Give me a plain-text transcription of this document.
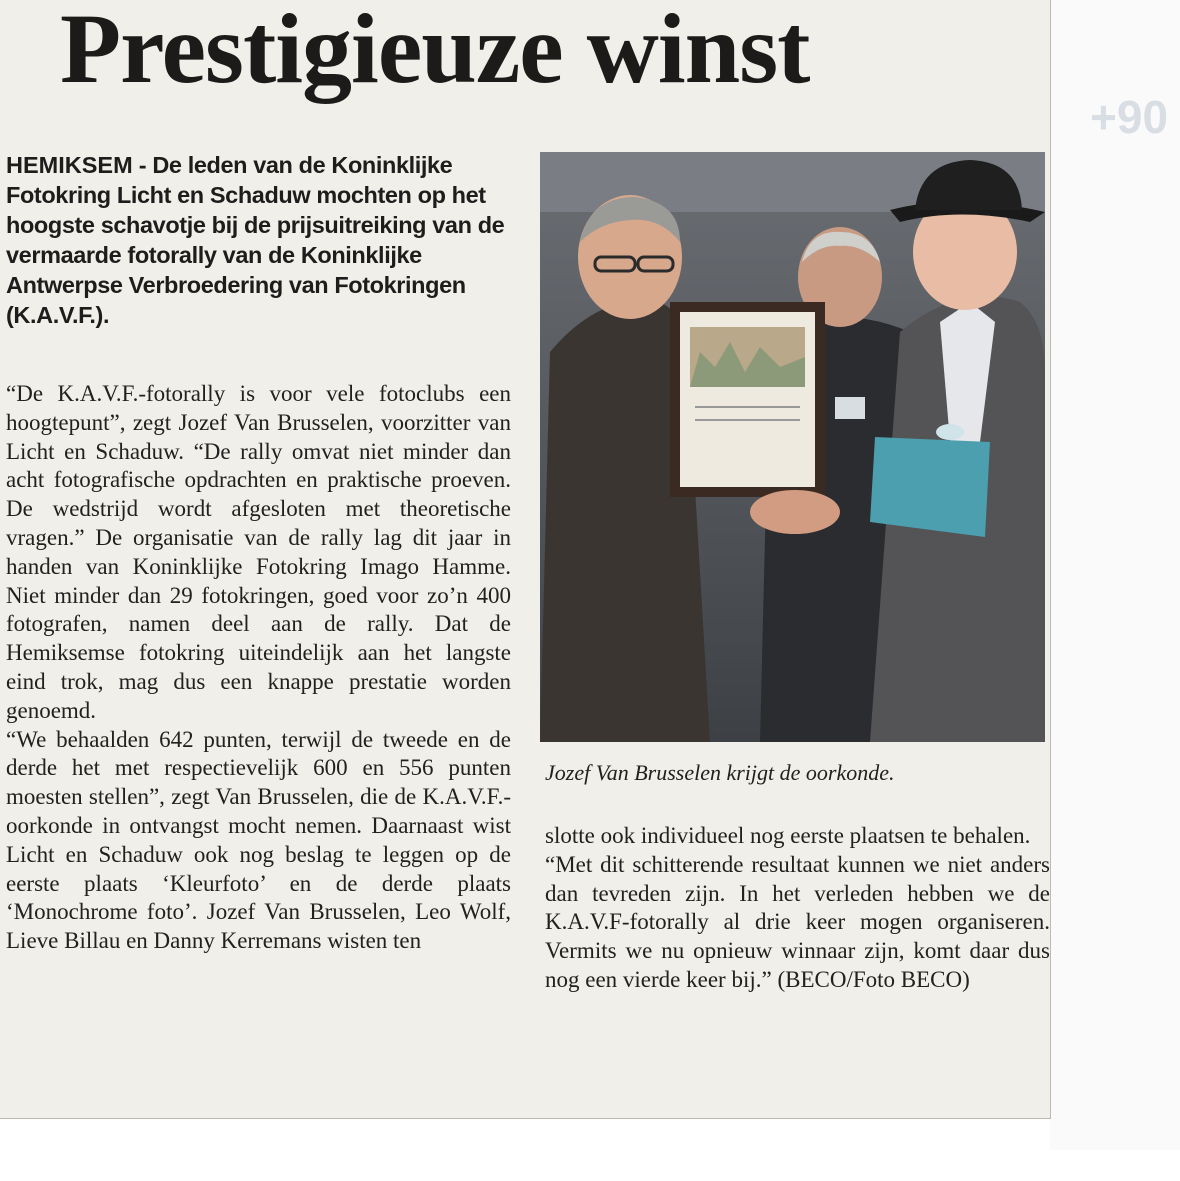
+90
Prestigieuze winst
HEMIKSEM - De leden van de Koninklijke Fotokring Licht en Schaduw mochten op het hoogste schavotje bij de prijsuitreiking van de vermaarde fotorally van de Koninklijke Antwerpse Verbroedering van Fotokringen (K.A.V.F.).

“De K.A.V.F.-fotorally is voor vele fotoclubs een hoogtepunt”, zegt Jozef Van Brusselen, voorzitter van Licht en Schaduw. “De rally omvat niet minder dan acht fotografische opdrachten en praktische proeven. De wedstrijd wordt afgesloten met theoretische vragen.” De organisatie van de rally lag dit jaar in handen van Koninklijke Fotokring Imago Hamme. Niet minder dan 29 fotokringen, goed voor zo’n 400 fotografen, namen deel aan de rally. Dat de Hemiksemse fotokring uiteindelijk aan het langste eind trok, mag dus een knappe prestatie worden genoemd.

“We behaalden 642 punten, terwijl de tweede en de derde het met respectievelijk 600 en 556 punten moesten stellen”, zegt Van Brusselen, die de K.A.V.F.-oorkonde in ontvangst mocht nemen. Daarnaast wist Licht en Schaduw ook nog beslag te leggen op de eerste plaats ‘Kleurfoto’ en de derde plaats ‘Monochrome foto’. Jozef Van Brusselen, Leo Wolf, Lieve Billau en Danny Kerremans wisten ten

Jozef Van Brusselen krijgt de oorkonde.

slotte ook individueel nog eerste plaatsen te behalen.

“Met dit schitterende resultaat kunnen we niet anders dan tevreden zijn. In het verleden hebben we de K.A.V.F-fotorally al drie keer mogen organiseren. Vermits we nu opnieuw winnaar zijn, komt daar dus nog een vierde keer bij.” (BECO/Foto BECO)
